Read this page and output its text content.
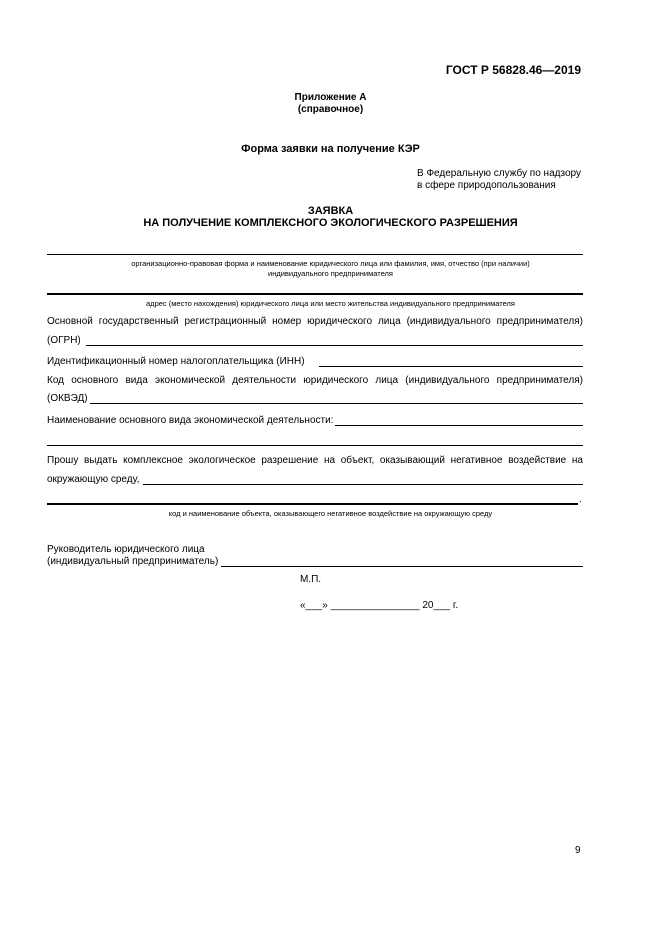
ГОСТ Р 56828.46—2019
Приложение А
(справочное)
Форма заявки на получение КЭР
В Федеральную службу по надзору
в сфере природопользования
ЗАЯВКА
НА ПОЛУЧЕНИЕ КОМПЛЕКСНОГО ЭКОЛОГИЧЕСКОГО РАЗРЕШЕНИЯ
организационно-правовая форма и наименование юридического лица или фамилия, имя, отчество (при наличии)
индивидуального предпринимателя
адрес (место нахождения) юридического лица или место жительства индивидуального предпринимателя
Основной государственный регистрационный номер юридического лица (индивидуального предпринимателя)
(ОГРН)
Идентификационный номер налогоплательщика (ИНН)
Код основного вида экономической деятельности юридического лица (индивидуального предпринимателя)
(ОКВЭД)
Наименование основного вида экономической деятельности:
Прошу выдать комплексное экологическое разрешение на объект, оказывающий негативное воздействие на
окружающую среду,
.
код и наименование объекта, оказывающего негативное воздействие на окружающую среду
Руководитель юридического лица
(индивидуальный предприниматель)
М.П.
«___» ________________ 20___ г.
9
